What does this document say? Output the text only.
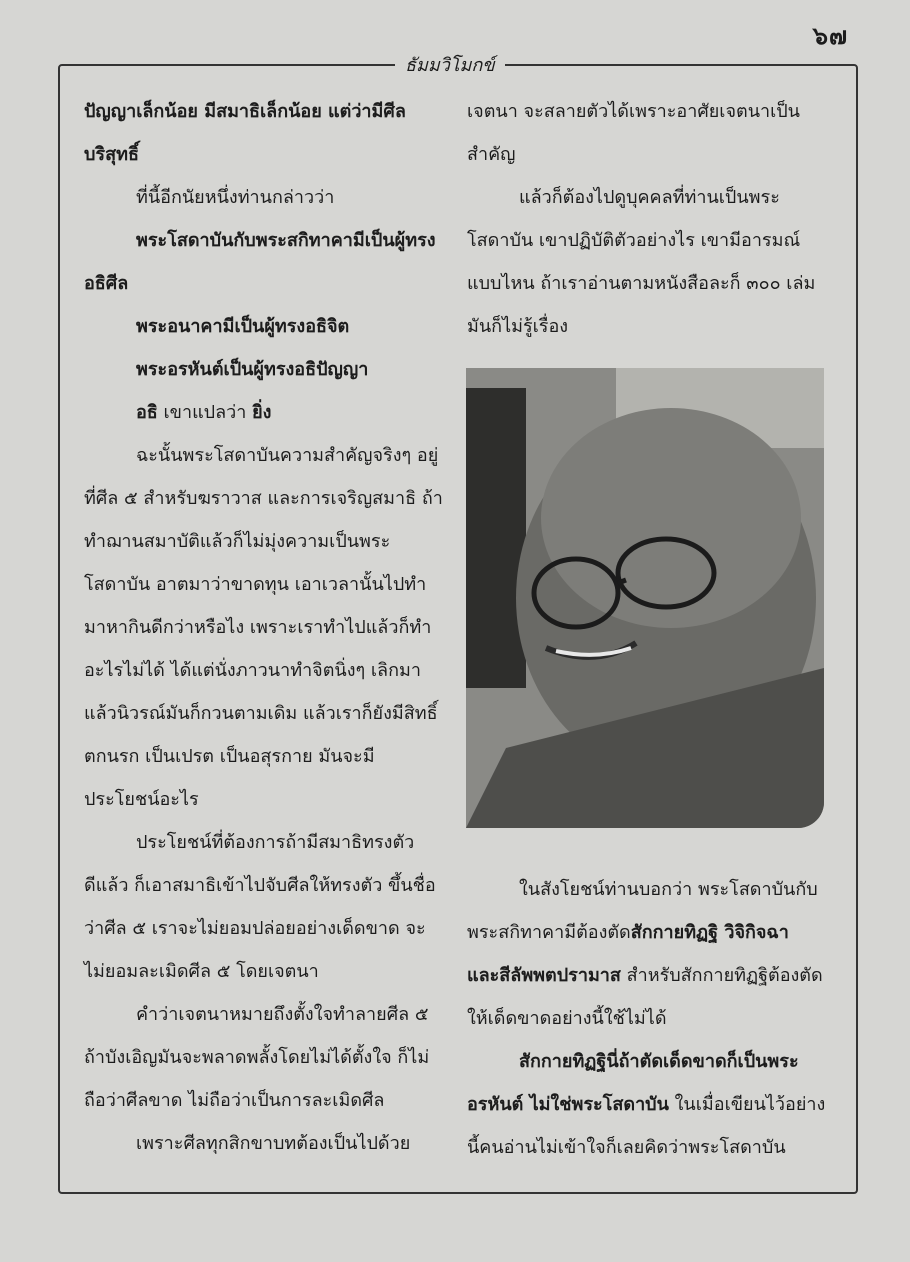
๖๗
ธัมมวิโมกข์

ปัญญาเล็กน้อย มีสมาธิเล็กน้อย แต่ว่ามีศีลบริสุทธิ์

ที่นี้อีกนัยหนึ่งท่านกล่าวว่า

พระโสดาบันกับพระสกิทาคามีเป็นผู้ทรงอธิศีล

พระอนาคามีเป็นผู้ทรงอธิจิต

พระอรหันต์เป็นผู้ทรงอธิปัญญา

อธิ เขาแปลว่า ยิ่ง

ฉะนั้นพระโสดาบันความสำคัญจริงๆ อยู่ที่ศีล ๕ สำหรับฆราวาส และการเจริญสมาธิ ถ้าทำฌานสมาบัติแล้วก็ไม่มุ่งความเป็นพระโสดาบัน อาตมาว่าขาดทุน เอาเวลานั้นไปทำมาหากินดีกว่าหรือไง เพราะเราทำไปแล้วก็ทำอะไรไม่ได้ ได้แต่นั่งภาวนาทำจิตนิ่งๆ เลิกมาแล้วนิวรณ์มันก็กวนตามเดิม แล้วเราก็ยังมีสิทธิ์ตกนรก เป็นเปรต เป็นอสุรกาย มันจะมีประโยชน์อะไร

ประโยชน์ที่ต้องการถ้ามีสมาธิทรงตัวดีแล้ว ก็เอาสมาธิเข้าไปจับศีลให้ทรงตัว ขึ้นชื่อว่าศีล ๕ เราจะไม่ยอมปล่อยอย่างเด็ดขาด จะไม่ยอมละเมิดศีล ๕ โดยเจตนา

คำว่าเจตนาหมายถึงตั้งใจทำลายศีล ๕ ถ้าบังเอิญมันจะพลาดพลั้งโดยไม่ได้ตั้งใจ ก็ไม่ถือว่าศีลขาด ไม่ถือว่าเป็นการละเมิดศีล

เพราะศีลทุกสิกขาบทต้องเป็นไปด้วย

เจตนา จะสลายตัวได้เพราะอาศัยเจตนาเป็นสำคัญ

แล้วก็ต้องไปดูบุคคลที่ท่านเป็นพระโสดาบัน เขาปฏิบัติตัวอย่างไร เขามีอารมณ์แบบไหน ถ้าเราอ่านตามหนังสือละก็ ๓๐๐ เล่มมันก็ไม่รู้เรื่อง

ในสังโยชน์ท่านบอกว่า พระโสดาบันกับพระสกิทาคามีต้องตัดสักกายทิฏฐิ วิจิกิจฉา และสีลัพพตปรามาส สำหรับสักกายทิฏฐิต้องตัดให้เด็ดขาดอย่างนี้ใช้ไม่ได้

สักกายทิฏฐินี่ถ้าตัดเด็ดขาดก็เป็นพระอรหันต์ ไม่ใช่พระโสดาบัน ในเมื่อเขียนไว้อย่างนี้คนอ่านไม่เข้าใจก็เลยคิดว่าพระโสดาบัน
